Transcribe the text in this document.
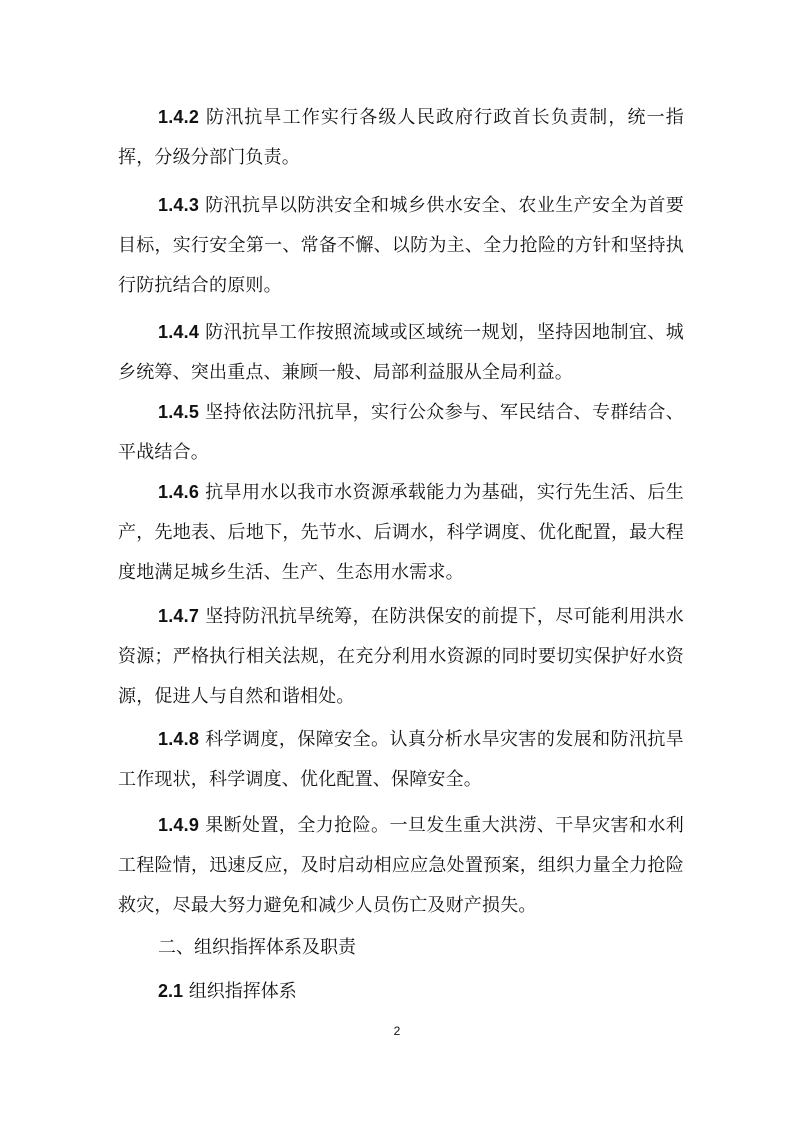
1.4.2 防汛抗旱工作实行各级人民政府行政首长负责制，统一指挥，分级分部门负责。

1.4.3 防汛抗旱以防洪安全和城乡供水安全、农业生产安全为首要目标，实行安全第一、常备不懈、以防为主、全力抢险的方针和坚持执行防抗结合的原则。

1.4.4 防汛抗旱工作按照流域或区域统一规划，坚持因地制宜、城乡统筹、突出重点、兼顾一般、局部利益服从全局利益。

1.4.5 坚持依法防汛抗旱，实行公众参与、军民结合、专群结合、平战结合。

1.4.6 抗旱用水以我市水资源承载能力为基础，实行先生活、后生产，先地表、后地下，先节水、后调水，科学调度、优化配置，最大程度地满足城乡生活、生产、生态用水需求。

1.4.7 坚持防汛抗旱统筹，在防洪保安的前提下，尽可能利用洪水资源；严格执行相关法规，在充分利用水资源的同时要切实保护好水资源，促进人与自然和谐相处。

1.4.8 科学调度，保障安全。认真分析水旱灾害的发展和防汛抗旱工作现状，科学调度、优化配置、保障安全。

1.4.9 果断处置，全力抢险。一旦发生重大洪涝、干旱灾害和水利工程险情，迅速反应，及时启动相应应急处置预案，组织力量全力抢险救灾，尽最大努力避免和减少人员伤亡及财产损失。

二、组织指挥体系及职责

2.1 组织指挥体系

2
